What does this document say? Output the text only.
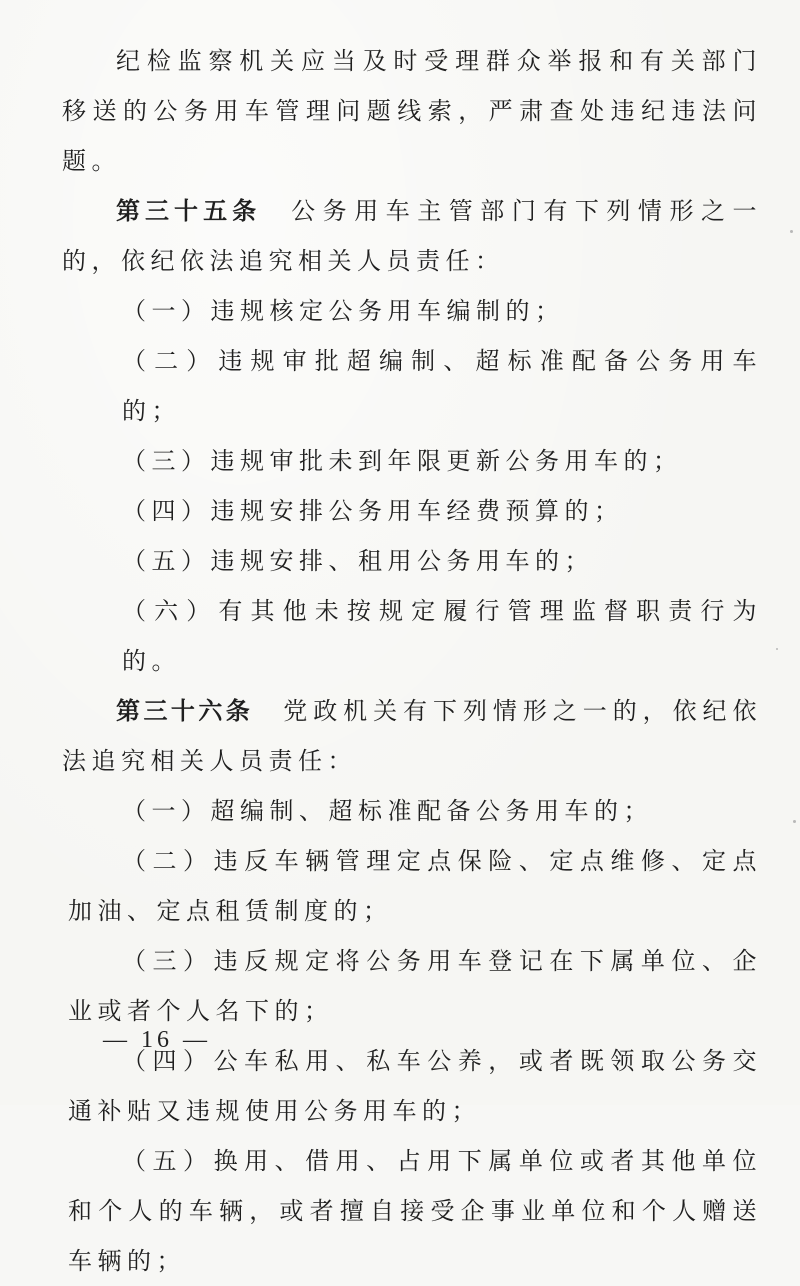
纪检监察机关应当及时受理群众举报和有关部门移送的公务用车管理问题线索，严肃查处违纪违法问题。

第三十五条 公务用车主管部门有下列情形之一的，依纪依法追究相关人员责任：

（一）违规核定公务用车编制的；

（二）违规审批超编制、超标准配备公务用车的；

（三）违规审批未到年限更新公务用车的；

（四）违规安排公务用车经费预算的；

（五）违规安排、租用公务用车的；

（六）有其他未按规定履行管理监督职责行为的。

第三十六条 党政机关有下列情形之一的，依纪依法追究相关人员责任：

（一）超编制、超标准配备公务用车的；

（二）违反车辆管理定点保险、定点维修、定点加油、定点租赁制度的；

（三）违反规定将公务用车登记在下属单位、企业或者个人名下的；

（四）公车私用、私车公养，或者既领取公务交通补贴又违规使用公务用车的；

（五）换用、借用、占用下属单位或者其他单位和个人的车辆，或者擅自接受企事业单位和个人赠送车辆的；

— 16 —
